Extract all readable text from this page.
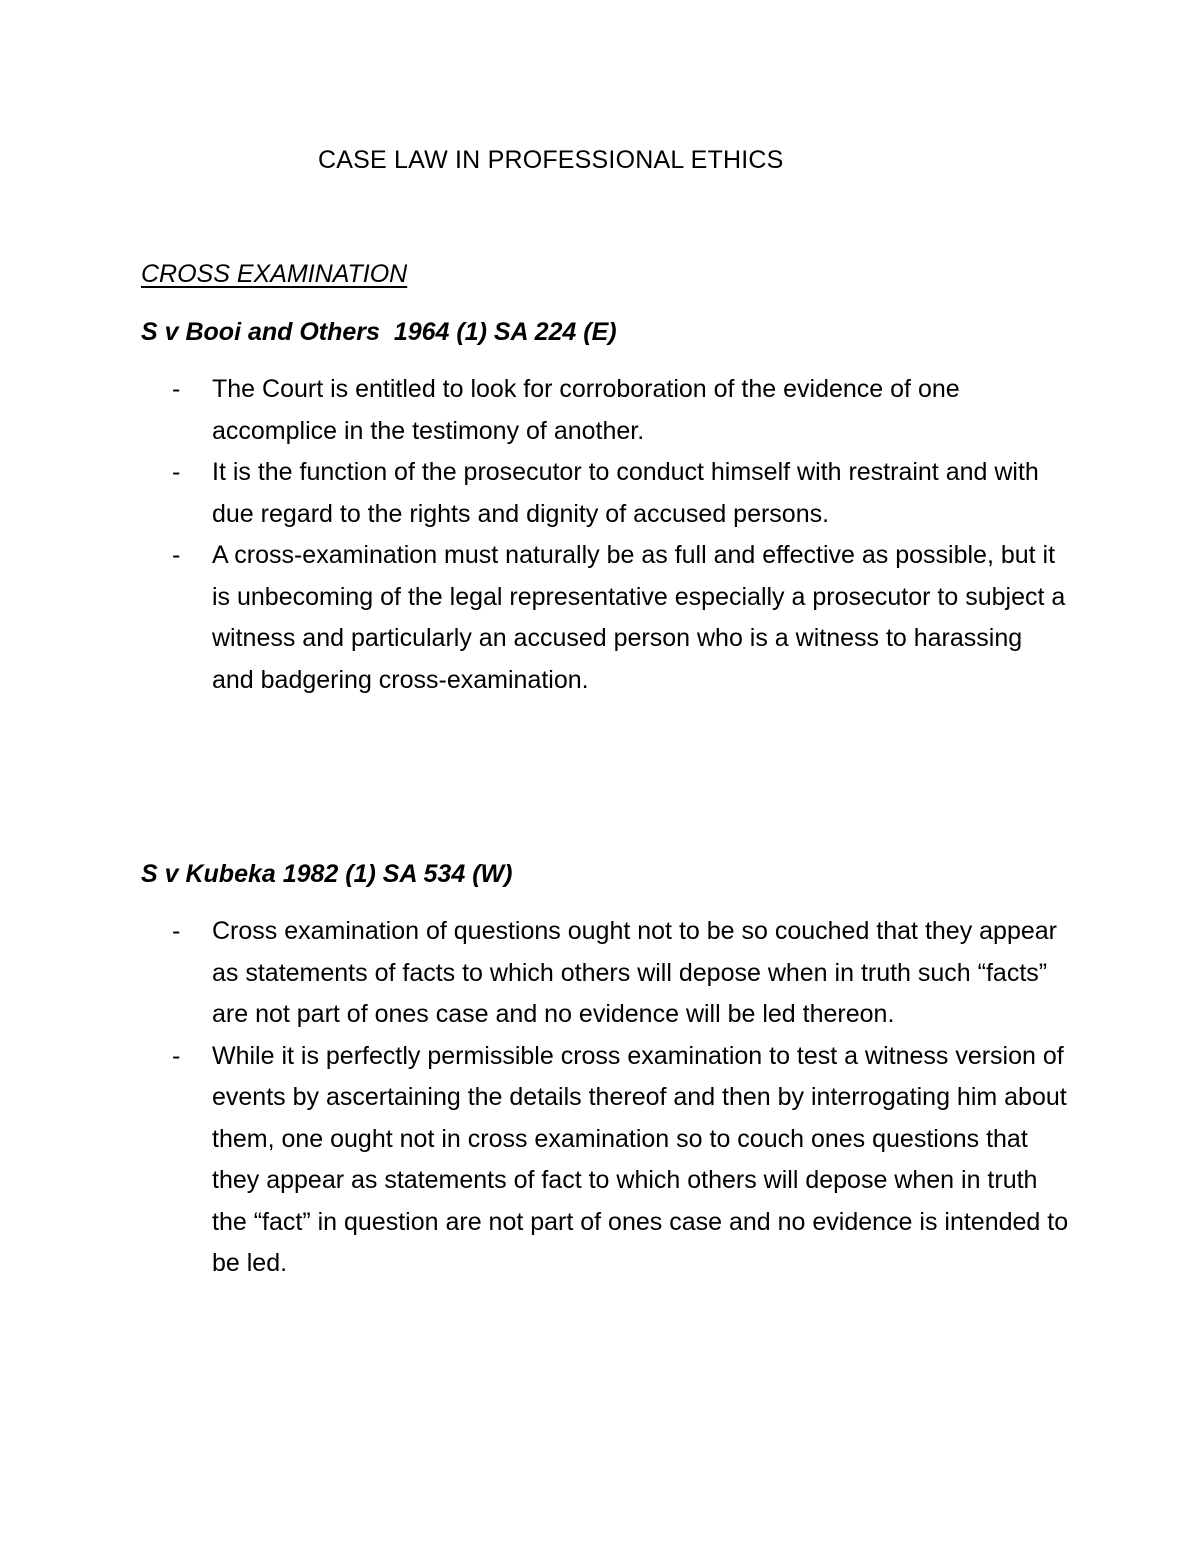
CASE LAW IN PROFESSIONAL ETHICS
CROSS EXAMINATION
S v Booi and Others  1964 (1) SA 224 (E)
- The Court is entitled to look for corroboration of the evidence of one accomplice in the testimony of another.
- It is the function of the prosecutor to conduct himself with restraint and with due regard to the rights and dignity of accused persons.
- A cross-examination must naturally be as full and effective as possible, but it is unbecoming of the legal representative especially a prosecutor to subject a witness and particularly an accused person who is a witness to harassing and badgering cross-examination.
S v Kubeka 1982 (1) SA 534 (W)
- Cross examination of questions ought not to be so couched that they appear as statements of facts to which others will depose when in truth such “facts” are not part of ones case and no evidence will be led thereon.
- While it is perfectly permissible cross examination to test a witness version of events by ascertaining the details thereof and then by interrogating him about them, one ought not in cross examination so to couch ones questions that they appear as statements of fact to which others will depose when in truth the “fact” in question are not part of ones case and no evidence is intended to be led.
